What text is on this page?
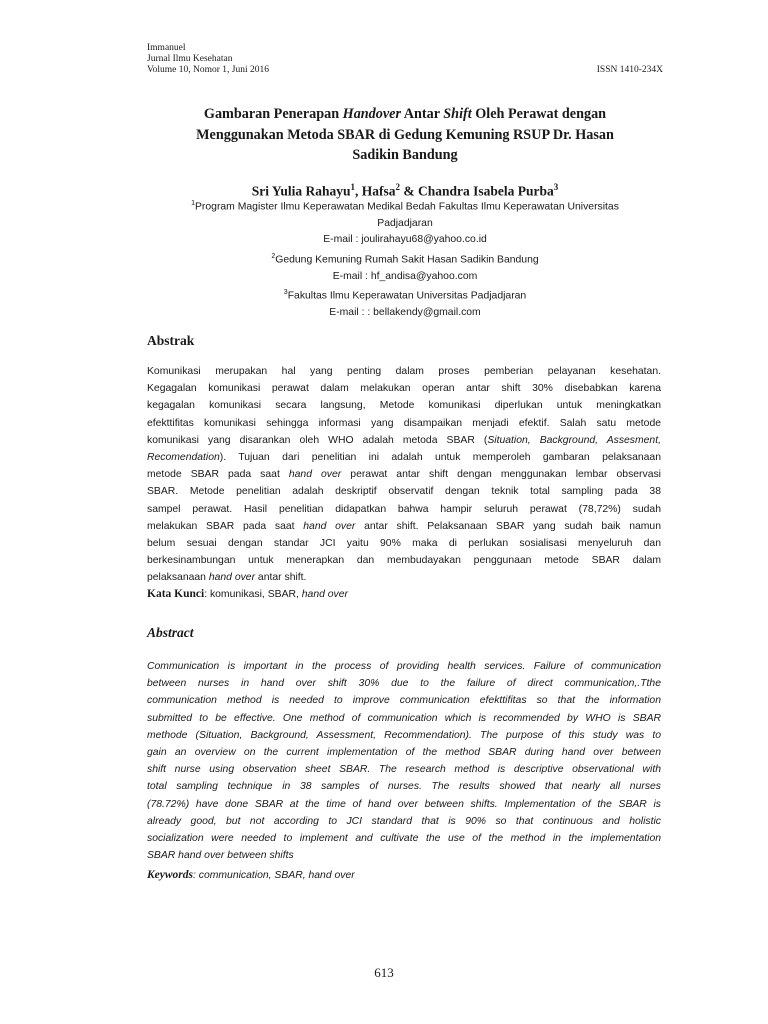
Immanuel
Jurnal Ilmu Kesehatan
Volume 10, Nomor 1, Juni 2016	ISSN 1410-234X
Gambaran Penerapan Handover Antar Shift Oleh Perawat dengan
Menggunakan Metoda SBAR di Gedung Kemuning RSUP Dr. Hasan
Sadikin Bandung
Sri Yulia Rahayu$^1$, Hafsa$^2$ & Chandra Isabela Purba$^3$
$^1$Program Magister Ilmu Keperawatan Medikal Bedah Fakultas Ilmu Keperawatan Universitas
Padjadjaran
E-mail : joulirahayu68@yahoo.co.id
$^2$Gedung Kemuning Rumah Sakit Hasan Sadikin Bandung
E-mail : hf_andisa@yahoo.com
$^3$Fakultas Ilmu Keperawatan Universitas Padjadjaran
E-mail : : bellakendy@gmail.com
Abstrak
Komunikasi merupakan hal yang penting dalam proses pemberian pelayanan kesehatan.
Kegagalan komunikasi perawat dalam melakukan operan antar shift 30% disebabkan karena
kegagalan komunikasi secara langsung, Metode komunikasi diperlukan untuk meningkatkan
efekttifitas komunikasi sehingga informasi yang disampaikan menjadi efektif. Salah satu metode
komunikasi yang disarankan oleh WHO adalah metoda SBAR (Situation, Background, Assesment,
Recomendation). Tujuan dari penelitian ini adalah untuk memperoleh gambaran pelaksanaan
metode SBAR pada saat hand over perawat antar shift dengan menggunakan lembar observasi
SBAR. Metode penelitian adalah deskriptif observatif dengan teknik total sampling pada 38
sampel perawat. Hasil penelitian didapatkan bahwa hampir seluruh perawat (78,72%) sudah
melakukan SBAR pada saat hand over antar shift. Pelaksanaan SBAR yang sudah baik namun
belum sesuai dengan standar JCI yaitu 90% maka di perlukan sosialisasi menyeluruh dan
berkesinambungan untuk menerapkan dan membudayakan penggunaan metode SBAR dalam
pelaksanaan hand over antar shift.
Kata Kunci: komunikasi, SBAR, hand over
Abstract
Communication is important in the process of providing health services. Failure of communication
between nurses in hand over shift 30% due to the failure of direct communication,.Tthe
communication method is needed to improve communication efekttifitas so that the information
submitted to be effective. One method of communication which is recommended by WHO is SBAR
methode (Situation, Background, Assessment, Recommendation). The purpose of this study was to
gain an overview on the current implementation of the method SBAR during hand over between
shift nurse using observation sheet SBAR. The research method is descriptive observational with
total sampling technique in 38 samples of nurses. The results showed that nearly all nurses
(78.72%) have done SBAR at the time of hand over between shifts. Implementation of the SBAR is
already good, but not according to JCI standard that is 90% so that continuous and holistic
socialization were needed to implement and cultivate the use of the method in the implementation
SBAR hand over between shifts
Keywords: communication, SBAR, hand over
613
